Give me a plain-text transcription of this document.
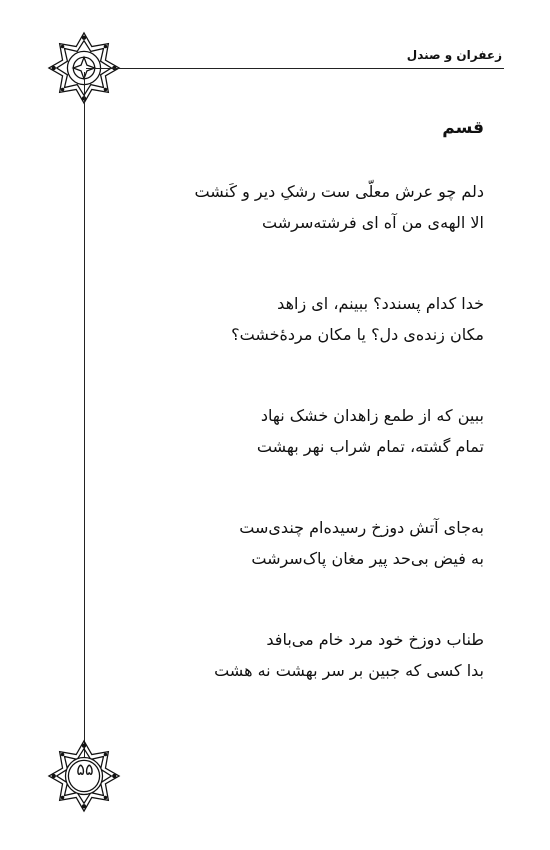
زعفران و صندل
قسم
دلم چو عرش معلّی ست رشکِ دیر و کَنشت
الا الهه‌ی من آه ای فرشته‌سرشت
خدا کدام پسندد؟ ببینم، ای زاهد
مکان زنده‌ی دل؟ یا مکان مردهٔ‌خشت؟
ببین که از طمع زاهدان خشک نهاد
تمام گشته، تمام شراب نهر بهشت
به‌جای آتش دوزخ رسیده‌ام چندی‌ست
به فیض بی‌حد پیر مغان پاک‌سرشت
طناب دوزخ خود مرد خام می‌بافد
بدا کسی که جبین بر سر بهشت نه هشت
۵۵
